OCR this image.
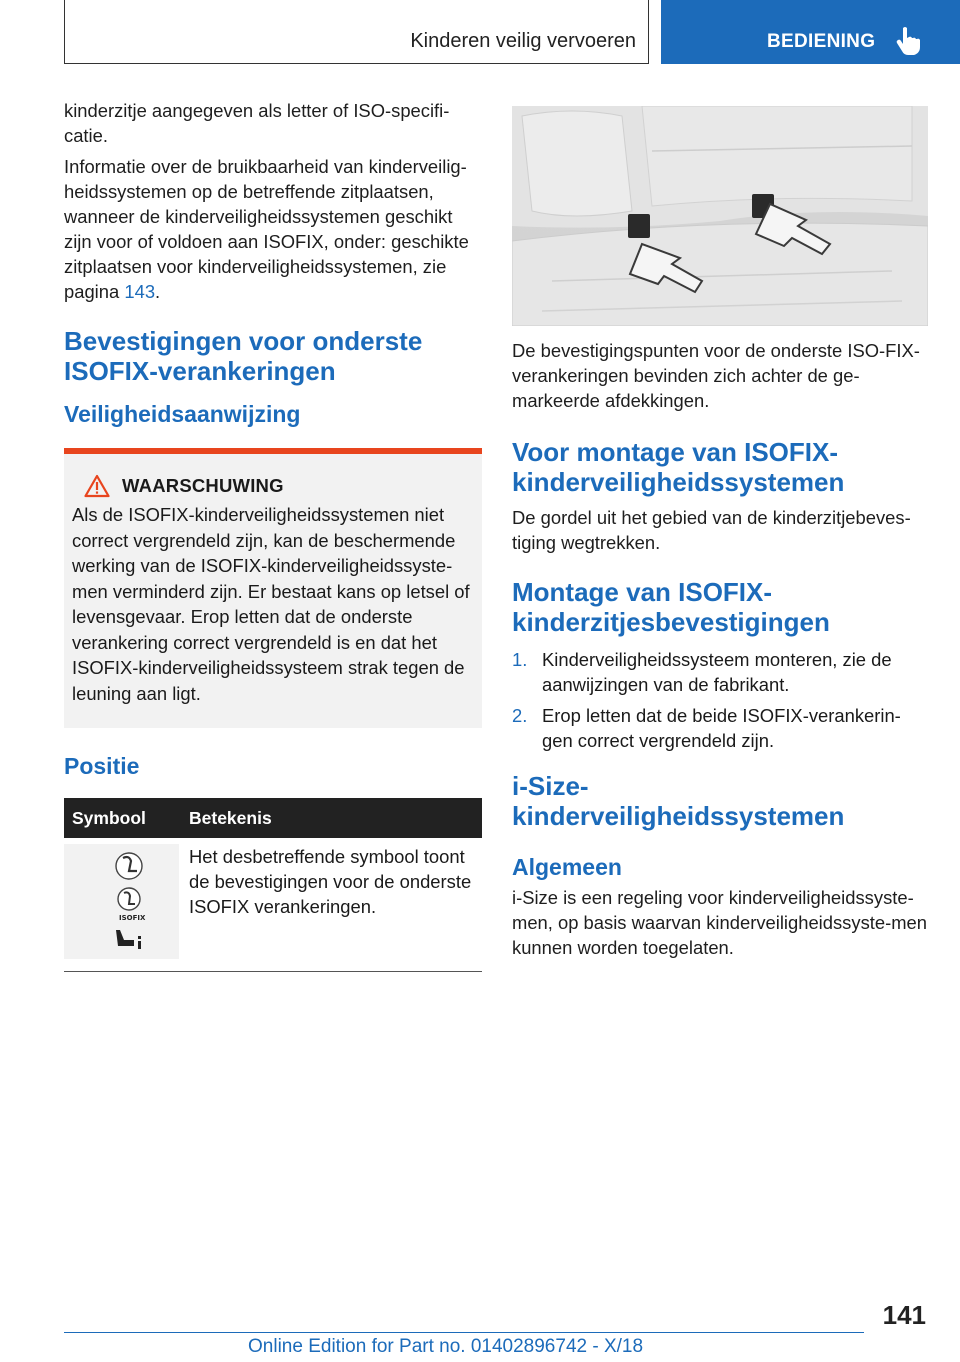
Kinderen veilig vervoeren	BEDIENING

kinderzitje aangegeven als letter of ISO-specifi-catie.

Informatie over de bruikbaarheid van kinderveilig-heidssystemen op de betreffende zitplaatsen, wanneer de kinderveiligheidssystemen geschikt zijn voor of voldoen aan ISOFIX, onder: geschikte zitplaatsen voor kinderveiligheidssystemen, zie pagina 143.

Bevestigingen voor onderste ISOFIX-verankeringen
Veiligheidsaanwijzing
WAARSCHUWING

Als de ISOFIX-kinderveiligheidssystemen niet correct vergrendeld zijn, kan de beschermende werking van de ISOFIX-kinderveiligheidssyste-men verminderd zijn. Er bestaat kans op letsel of levensgevaar. Erop letten dat de onderste verankering correct vergrendeld is en dat het ISOFIX-kinderveiligheidssysteem strak tegen de leuning aan ligt.

Positie
Symbool	Betekenis

ISOFIX	Het desbetreffende symbool toont de bevestigingen voor de onderste ISOFIX verankeringen.

De bevestigingspunten voor de onderste ISO-FIX-verankeringen bevinden zich achter de ge-markeerde afdekkingen.

Voor montage van ISOFIX-kinderveiligheidssystemen

De gordel uit het gebied van de kinderzitjebeves-tiging wegtrekken.

Montage van ISOFIX-kinderzitjesbevestigingen
1. Kinderveiligheidssysteem monteren, zie de aanwijzingen van de fabrikant.
2. Erop letten dat de beide ISOFIX-verankerin-gen correct vergrendeld zijn.
i-Size-kinderveiligheidssystemen
Algemeen

i-Size is een regeling voor kinderveiligheidssyste-men, op basis waarvan kinderveiligheidssyste-men kunnen worden toegelaten.

141
Online Edition for Part no. 01402896742 - X/18
